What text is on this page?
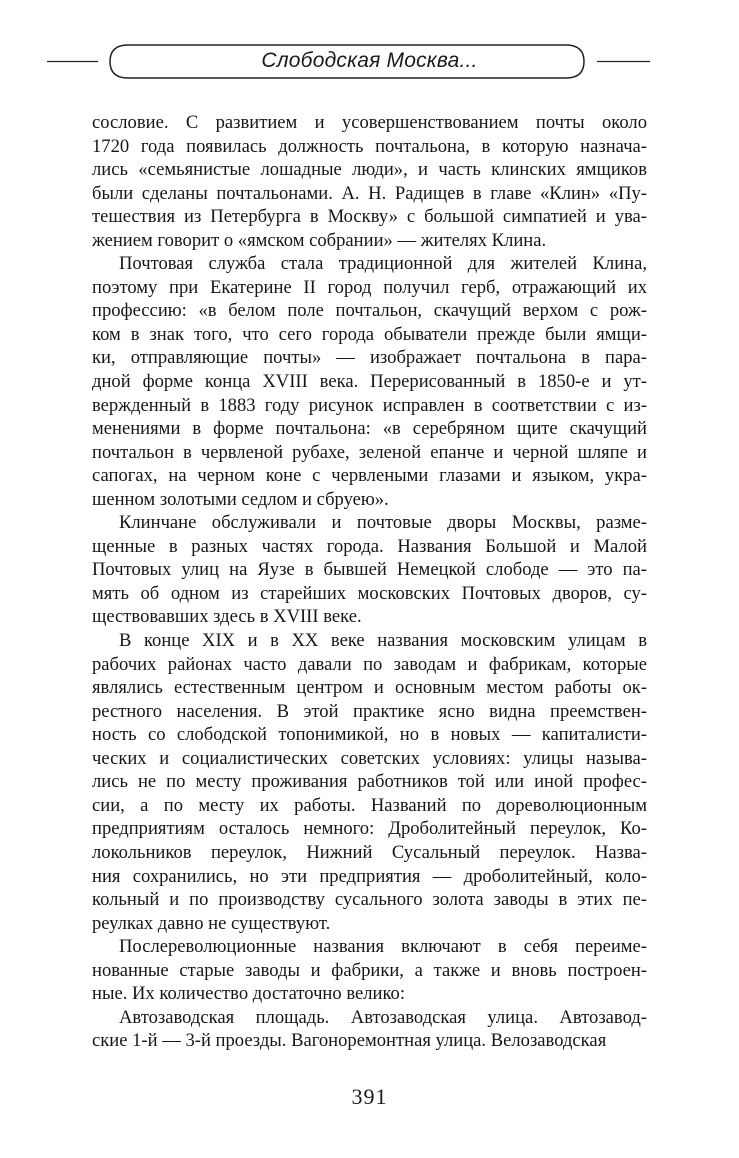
Слободская Москва...
сословие. С развитием и усовершенствованием почты около
1720 года появилась должность почтальона, в которую назнача-
лись «семьянистые лошадные люди», и часть клинских ямщиков
были сделаны почтальонами. А. Н. Радищев в главе «Клин» «Пу-
тешествия из Петербурга в Москву» с большой симпатией и ува-
жением говорит о «ямском собрании» — жителях Клина.
Почтовая служба стала традиционной для жителей Клина,
поэтому при Екатерине II город получил герб, отражающий их
профессию: «в белом поле почтальон, скачущий верхом с рож-
ком в знак того, что сего города обыватели прежде были ямщи-
ки, отправляющие почты» — изображает почтальона в пара-
дной форме конца XVIII века. Перерисованный в 1850-е и ут-
вержденный в 1883 году рисунок исправлен в соответствии с из-
менениями в форме почтальона: «в серебряном щите скачущий
почтальон в червленой рубахе, зеленой епанче и черной шляпе и
сапогах, на черном коне с червлеными глазами и языком, укра-
шенном золотыми седлом и сбруею».
Клинчане обслуживали и почтовые дворы Москвы, разме-
щенные в разных частях города. Названия Большой и Малой
Почтовых улиц на Яузе в бывшей Немецкой слободе — это па-
мять об одном из старейших московских Почтовых дворов, су-
ществовавших здесь в XVIII веке.
В конце XIX и в XX веке названия московским улицам в
рабочих районах часто давали по заводам и фабрикам, которые
являлись естественным центром и основным местом работы ок-
рестного населения. В этой практике ясно видна преемствен-
ность со слободской топонимикой, но в новых — капиталисти-
ческих и социалистических советских условиях: улицы называ-
лись не по месту проживания работников той или иной профес-
сии, а по месту их работы. Названий по дореволюционным
предприятиям осталось немного: Дроболитейный переулок, Ко-
локольников переулок, Нижний Сусальный переулок. Назва-
ния сохранились, но эти предприятия — дроболитейный, коло-
кольный и по производству сусального золота заводы в этих пе-
реулках давно не существуют.
Послереволюционные названия включают в себя переиме-
нованные старые заводы и фабрики, а также и вновь построен-
ные. Их количество достаточно велико:
Автозаводская площадь. Автозаводская улица. Автозавод-
ские 1-й — 3-й проезды. Вагоноремонтная улица. Велозаводская
391
